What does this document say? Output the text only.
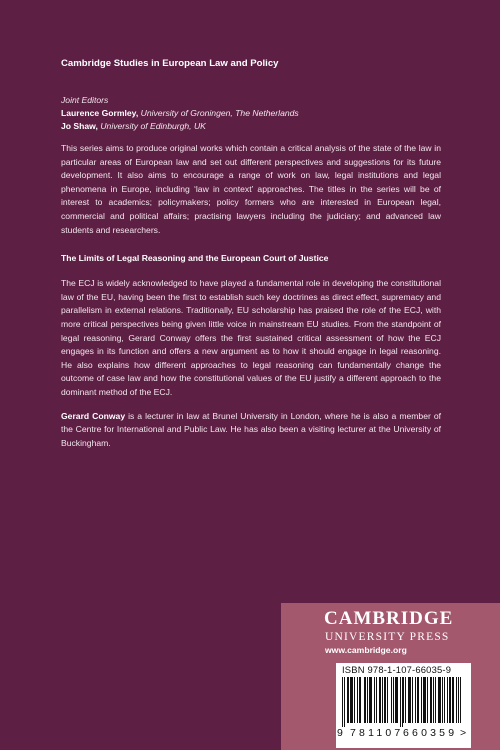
Cambridge Studies in European Law and Policy
Joint Editors
Laurence Gormley, University of Groningen, The Netherlands
Jo Shaw, University of Edinburgh, UK

This series aims to produce original works which contain a critical analysis of the state of the law in particular areas of European law and set out different perspectives and suggestions for its future development. It also aims to encourage a range of work on law, legal institutions and legal phenomena in Europe, including ‘law in context’ approaches. The titles in the series will be of interest to academics; policymakers; policy formers who are interested in European legal, commercial and political affairs; practising lawyers including the judiciary; and advanced law students and researchers.

The Limits of Legal Reasoning and the European Court of Justice

The ECJ is widely acknowledged to have played a fundamental role in developing the constitutional law of the EU, having been the first to establish such key doctrines as direct effect, supremacy and parallelism in external relations. Traditionally, EU scholarship has praised the role of the ECJ, with more critical perspectives being given little voice in mainstream EU studies. From the standpoint of legal reasoning, Gerard Conway offers the first sustained critical assessment of how the ECJ engages in its function and offers a new argument as to how it should engage in legal reasoning. He also explains how different approaches to legal reasoning can fundamentally change the outcome of case law and how the constitutional values of the EU justify a different approach to the dominant method of the ECJ.

Gerard Conway is a lecturer in law at Brunel University in London, where he is also a member of the Centre for International and Public Law. He has also been a visiting lecturer at the University of Buckingham.

CAMBRIDGE
UNIVERSITY PRESS
www.cambridge.org
ISBN 978-1-107-66035-9
9 781107 660359 >
